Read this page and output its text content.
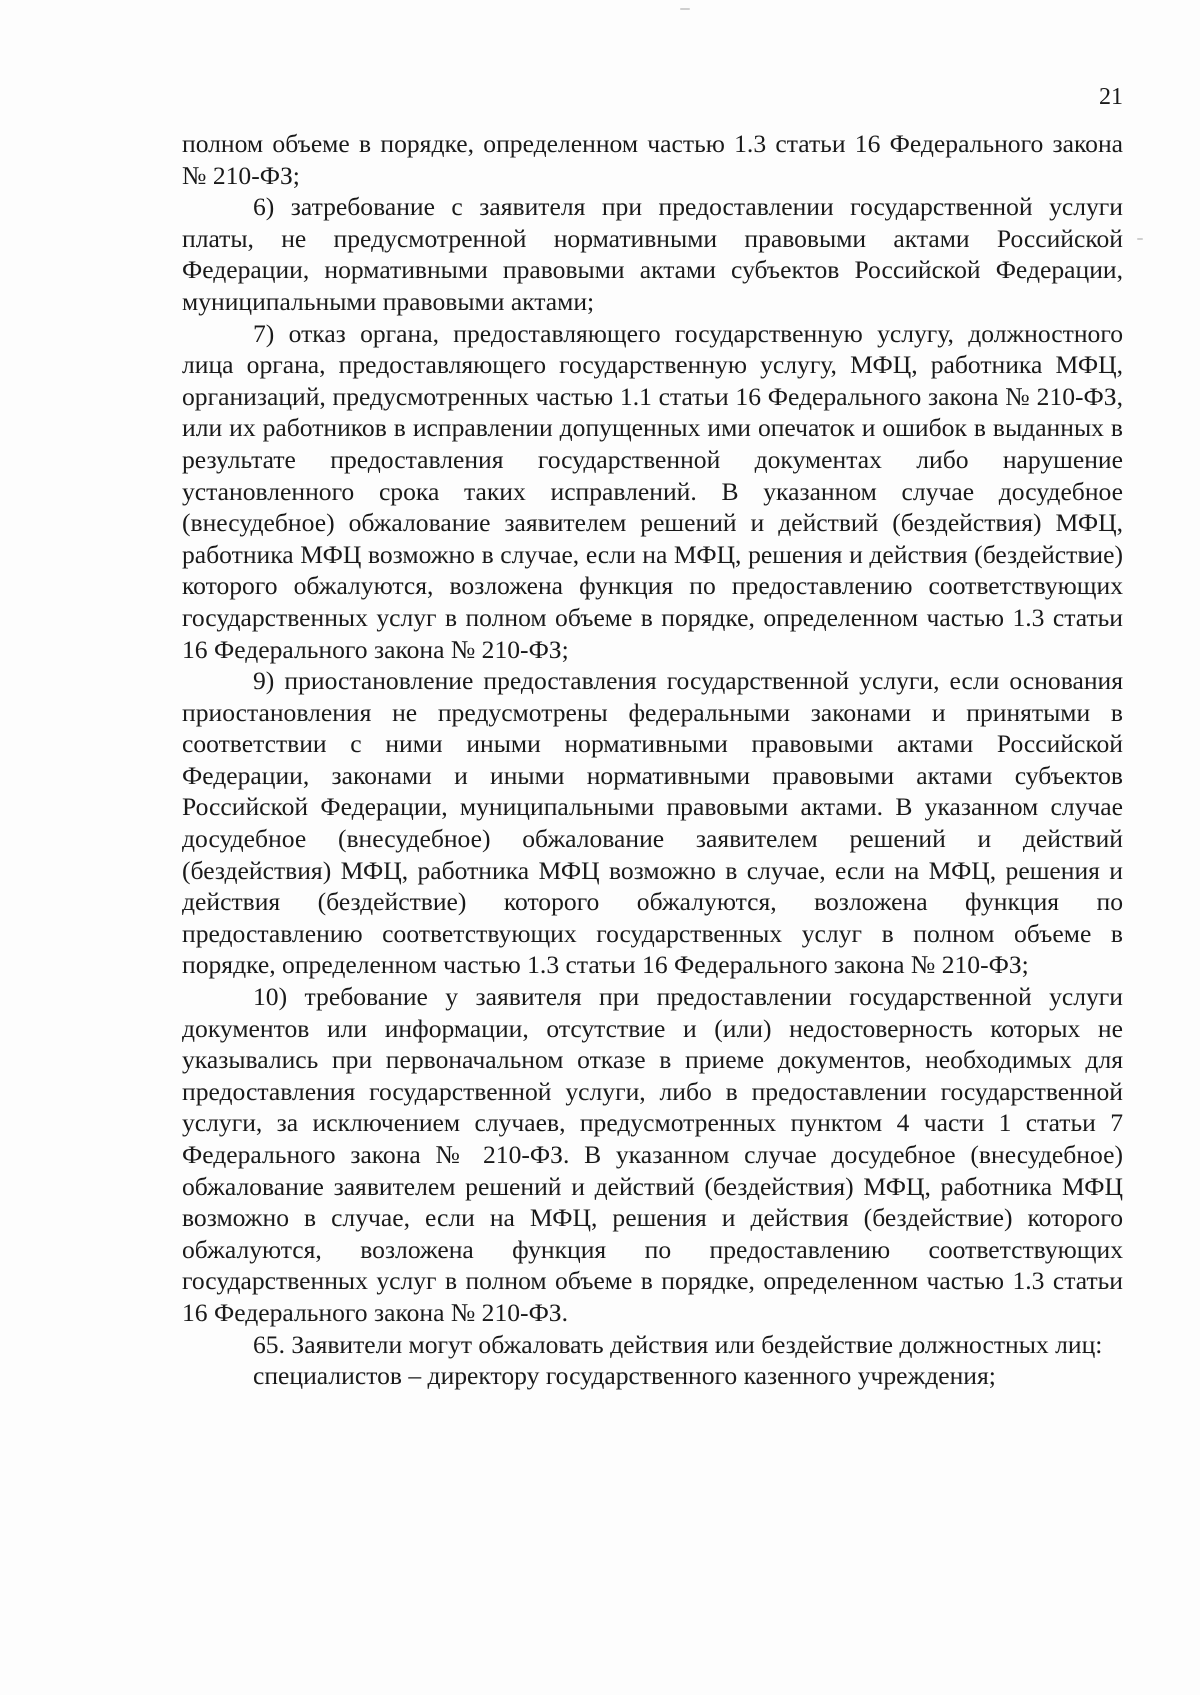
21

полном объеме в порядке, определенном частью 1.3 статьи 16 Федерального закона № 210-ФЗ;

6) затребование с заявителя при предоставлении государственной услуги платы, не предусмотренной нормативными правовыми актами Российской Федерации, нормативными правовыми актами субъектов Российской Федерации, муниципальными правовыми актами;

7) отказ органа, предоставляющего государственную услугу, должностного лица органа, предоставляющего государственную услугу, МФЦ, работника МФЦ, организаций, предусмотренных частью 1.1 статьи 16 Федерального закона № 210-ФЗ, или их работников в исправлении допущенных ими опечаток и ошибок в выданных в результате предоставления государственной документах либо нарушение установленного срока таких исправлений. В указанном случае досудебное (внесудебное) обжалование заявителем решений и действий (бездействия) МФЦ, работника МФЦ возможно в случае, если на МФЦ, решения и действия (бездействие) которого обжалуются, возложена функция по предоставлению соответствующих государственных услуг в полном объеме в порядке, определенном частью 1.3 статьи 16 Федерального закона № 210-ФЗ;

9) приостановление предоставления государственной услуги, если основания приостановления не предусмотрены федеральными законами и принятыми в соответствии с ними иными нормативными правовыми актами Российской Федерации, законами и иными нормативными правовыми актами субъектов Российской Федерации, муниципальными правовыми актами. В указанном случае досудебное (внесудебное) обжалование заявителем решений и действий (бездействия) МФЦ, работника МФЦ возможно в случае, если на МФЦ, решения и действия (бездействие) которого обжалуются, возложена функция по предоставлению соответствующих государственных услуг в полном объеме в порядке, определенном частью 1.3 статьи 16 Федерального закона № 210-ФЗ;

10) требование у заявителя при предоставлении государственной услуги документов или информации, отсутствие и (или) недостоверность которых не указывались при первоначальном отказе в приеме документов, необходимых для предоставления государственной услуги, либо в предоставлении государственной услуги, за исключением случаев, предусмотренных пунктом 4 части 1 статьи 7 Федерального закона № 210-ФЗ. В указанном случае досудебное (внесудебное) обжалование заявителем решений и действий (бездействия) МФЦ, работника МФЦ возможно в случае, если на МФЦ, решения и действия (бездействие) которого обжалуются, возложена функция по предоставлению соответствующих государственных услуг в полном объеме в порядке, определенном частью 1.3 статьи 16 Федерального закона № 210-ФЗ.

65. Заявители могут обжаловать действия или бездействие должностных лиц:

специалистов – директору государственного казенного учреждения;
